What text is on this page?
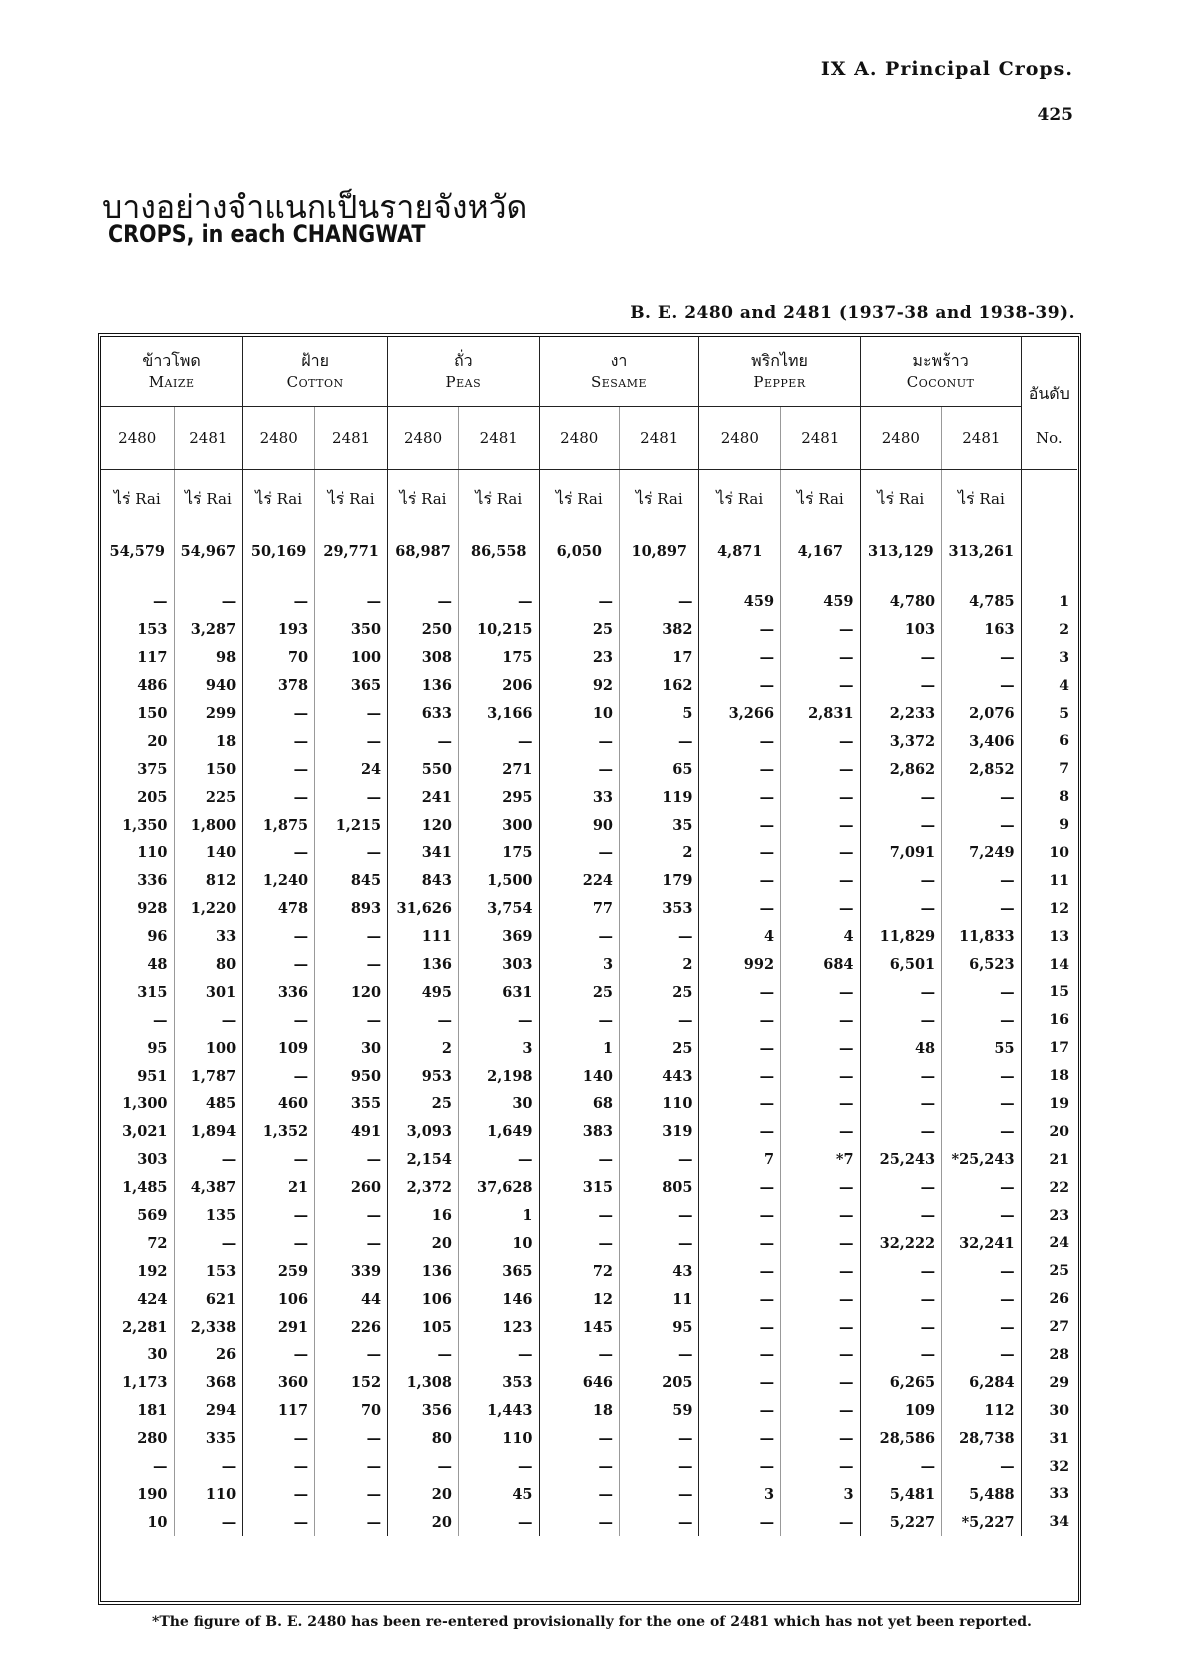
IX A. Principal Crops.
425
บางอย่างจำแนกเป็นรายจังหวัด
CROPS, in each CHANGWAT
B. E. 2480 and 2481 (1937-38 and 1938-39).
ข้าวโพด
Maize		ฝ้าย
Cotton		ถั่ว
Peas		งา
Sesame		พริกไทย
Pepper		มะพร้าว
Coconut		อันดับ
2480	2481	2480	2481	2480	2481	2480	2481	2480	2481	2480	2481	No.
ไร่ Rai	ไร่ Rai	ไร่ Rai	ไร่ Rai	ไร่ Rai	ไร่ Rai	ไร่ Rai	ไร่ Rai	ไร่ Rai	ไร่ Rai	ไร่ Rai	ไร่ Rai	
54,579	54,967	50,169	29,771	68,987	86,558	6,050	10,897	4,871	4,167	313,129	313,261	

—	—	—	—	—	—	—	—	459	459	4,780	4,785	1
153	3,287	193	350	250	10,215	25	382	—	—	103	163	2
117	98	70	100	308	175	23	17	—	—	—	—	3
486	940	378	365	136	206	92	162	—	—	—	—	4
150	299	—	—	633	3,166	10	5	3,266	2,831	2,233	2,076	5
20	18	—	—	—	—	—	—	—	—	3,372	3,406	6
375	150	—	24	550	271	—	65	—	—	2,862	2,852	7
205	225	—	—	241	295	33	119	—	—	—	—	8
1,350	1,800	1,875	1,215	120	300	90	35	—	—	—	—	9
110	140	—	—	341	175	—	2	—	—	7,091	7,249	10
336	812	1,240	845	843	1,500	224	179	—	—	—	—	11
928	1,220	478	893	31,626	3,754	77	353	—	—	—	—	12
96	33	—	—	111	369	—	—	4	4	11,829	11,833	13
48	80	—	—	136	303	3	2	992	684	6,501	6,523	14
315	301	336	120	495	631	25	25	—	—	—	—	15
—	—	—	—	—	—	—	—	—	—	—	—	16
95	100	109	30	2	3	1	25	—	—	48	55	17
951	1,787	—	950	953	2,198	140	443	—	—	—	—	18
1,300	485	460	355	25	30	68	110	—	—	—	—	19
3,021	1,894	1,352	491	3,093	1,649	383	319	—	—	—	—	20
303	—	—	—	2,154	—	—	—	7	*7	25,243	*25,243	21
1,485	4,387	21	260	2,372	37,628	315	805	—	—	—	—	22
569	135	—	—	16	1	—	—	—	—	—	—	23
72	—	—	—	20	10	—	—	—	—	32,222	32,241	24
192	153	259	339	136	365	72	43	—	—	—	—	25
424	621	106	44	106	146	12	11	—	—	—	—	26
2,281	2,338	291	226	105	123	145	95	—	—	—	—	27
30	26	—	—	—	—	—	—	—	—	—	—	28
1,173	368	360	152	1,308	353	646	205	—	—	6,265	6,284	29
181	294	117	70	356	1,443	18	59	—	—	109	112	30
280	335	—	—	80	110	—	—	—	—	28,586	28,738	31
—	—	—	—	—	—	—	—	—	—	—	—	32
190	110	—	—	20	45	—	—	3	3	5,481	5,488	33
10	—	—	—	20	—	—	—	—	—	5,227	*5,227	34
*The figure of B. E. 2480 has been re-entered provisionally for the one of 2481 which has not yet been reported.
